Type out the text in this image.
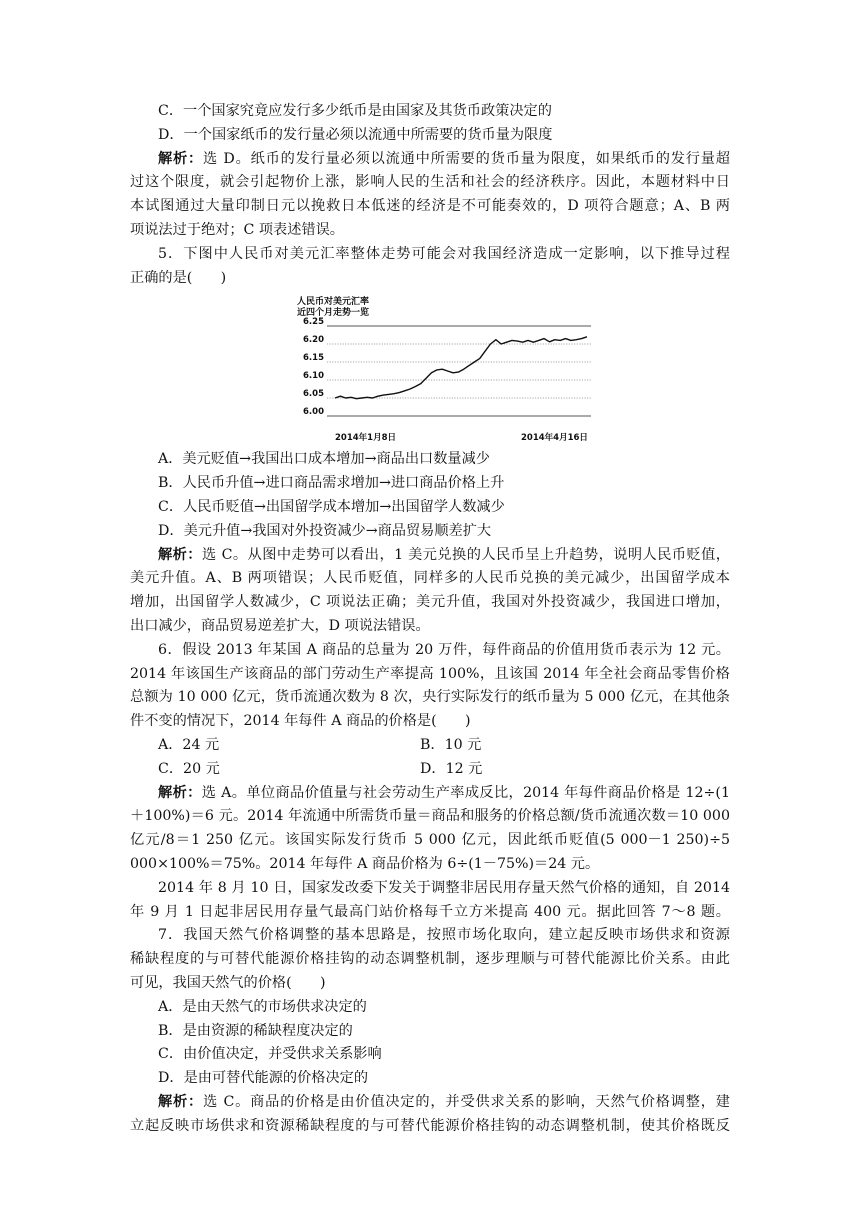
C．一个国家究竟应发行多少纸币是由国家及其货币政策决定的

D．一个国家纸币的发行量必须以流通中所需要的货币量为限度

解析：选 D。纸币的发行量必须以流通中所需要的货币量为限度，如果纸币的发行量超

过这个限度，就会引起物价上涨，影响人民的生活和社会的经济秩序。因此，本题材料中日

本试图通过大量印制日元以挽救日本低迷的经济是不可能奏效的，D 项符合题意；A、B 两

项说法过于绝对；C 项表述错误。

5．下图中人民币对美元汇率整体走势可能会对我国经济造成一定影响，以下推导过程

正确的是(　　)

人民币对美元汇率
近四个月走势一览
6.25
6.20
6.15
6.10
6.05
6.00
2014年1月8日	2014年4月16日

A．美元贬值→我国出口成本增加→商品出口数量减少

B．人民币升值→进口商品需求增加→进口商品价格上升

C．人民币贬值→出国留学成本增加→出国留学人数减少

D．美元升值→我国对外投资减少→商品贸易顺差扩大

解析：选 C。从图中走势可以看出，1 美元兑换的人民币呈上升趋势，说明人民币贬值，

美元升值。A、B 两项错误；人民币贬值，同样多的人民币兑换的美元减少，出国留学成本

增加，出国留学人数减少，C 项说法正确；美元升值，我国对外投资减少，我国进口增加，

出口减少，商品贸易逆差扩大，D 项说法错误。

6．假设 2013 年某国 A 商品的总量为 20 万件，每件商品的价值用货币表示为 12 元。

2014 年该国生产该商品的部门劳动生产率提高 100%，且该国 2014 年全社会商品零售价格

总额为 10 000 亿元，货币流通次数为 8 次，央行实际发行的纸币量为 5 000 亿元，在其他条

件不变的情况下，2014 年每件 A 商品的价格是(　　)

A．24 元	B．10 元
C．20 元	D．12 元

解析：选 A。单位商品价值量与社会劳动生产率成反比，2014 年每件商品价格是 12÷(1

＋100%)＝6 元。2014 年流通中所需货币量＝商品和服务的价格总额/货币流通次数＝10 000

亿元/8＝1 250 亿元。该国实际发行货币 5 000 亿元，因此纸币贬值(5 000－1 250)÷5

000×100%＝75%。2014 年每件 A 商品价格为 6÷(1－75%)＝24 元。

2014 年 8 月 10 日，国家发改委下发关于调整非居民用存量天然气价格的通知，自 2014

年 9 月 1 日起非居民用存量气最高门站价格每千立方米提高 400 元。据此回答 7～8 题。

7．我国天然气价格调整的基本思路是，按照市场化取向，建立起反映市场供求和资源

稀缺程度的与可替代能源价格挂钩的动态调整机制，逐步理顺与可替代能源比价关系。由此

可见，我国天然气的价格(　　)

A．是由天然气的市场供求决定的

B．是由资源的稀缺程度决定的

C．由价值决定，并受供求关系影响

D．是由可替代能源的价格决定的

解析：选 C。商品的价格是由价值决定的，并受供求关系的影响，天然气价格调整，建

立起反映市场供求和资源稀缺程度的与可替代能源价格挂钩的动态调整机制，使其价格既反
